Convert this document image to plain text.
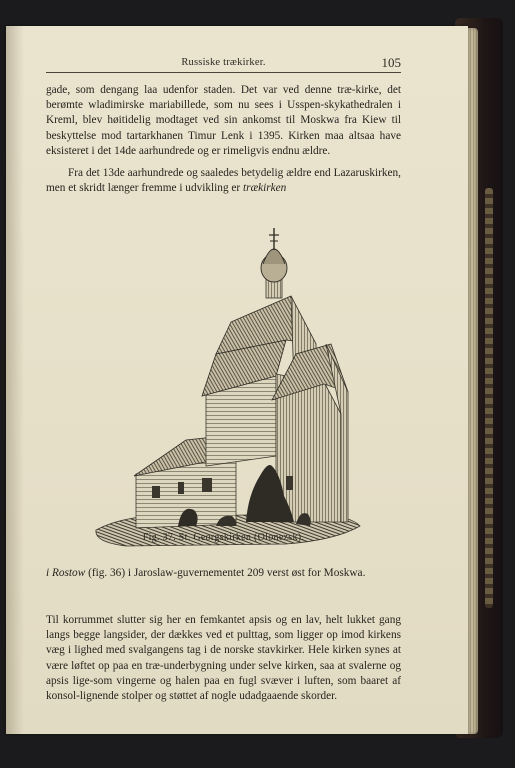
Russiske trækirker.	105

gade, som dengang laa udenfor staden. Det var ved denne træ-kirke, det berømte wladimirske mariabillede, som nu sees i Usspen-skykathedralen i Kreml, blev høitidelig modtaget ved sin ankomst til Moskwa fra Kiew til beskyttelse mod tartarkhanen Timur Lenk i 1395. Kirken maa altsaa have eksisteret i det 14de aarhundrede og er rimeligvis endnu ældre.

Fra det 13de aarhundrede og saaledes betydelig ældre end Lazaruskirken, men et skridt længer fremme i udvikling er trækirken

Fig. 37. St. Georgskirken (Olonezsk).

i Rostow (fig. 36) i Jaroslaw-guvernementet 209 verst øst for Moskwa.

Til korrummet slutter sig her en femkantet apsis og en lav, helt lukket gang langs begge langsider, der dækkes ved et pulttag, som ligger op imod kirkens væg i lighed med svalgangens tag i de norske stavkirker. Hele kirken synes at være løftet op paa en træ-underbygning under selve kirken, saa at svalerne og apsis lige-som vingerne og halen paa en fugl svæver i luften, som baaret af konsol-lignende stolper og støttet af nogle udadgaaende skorder.
